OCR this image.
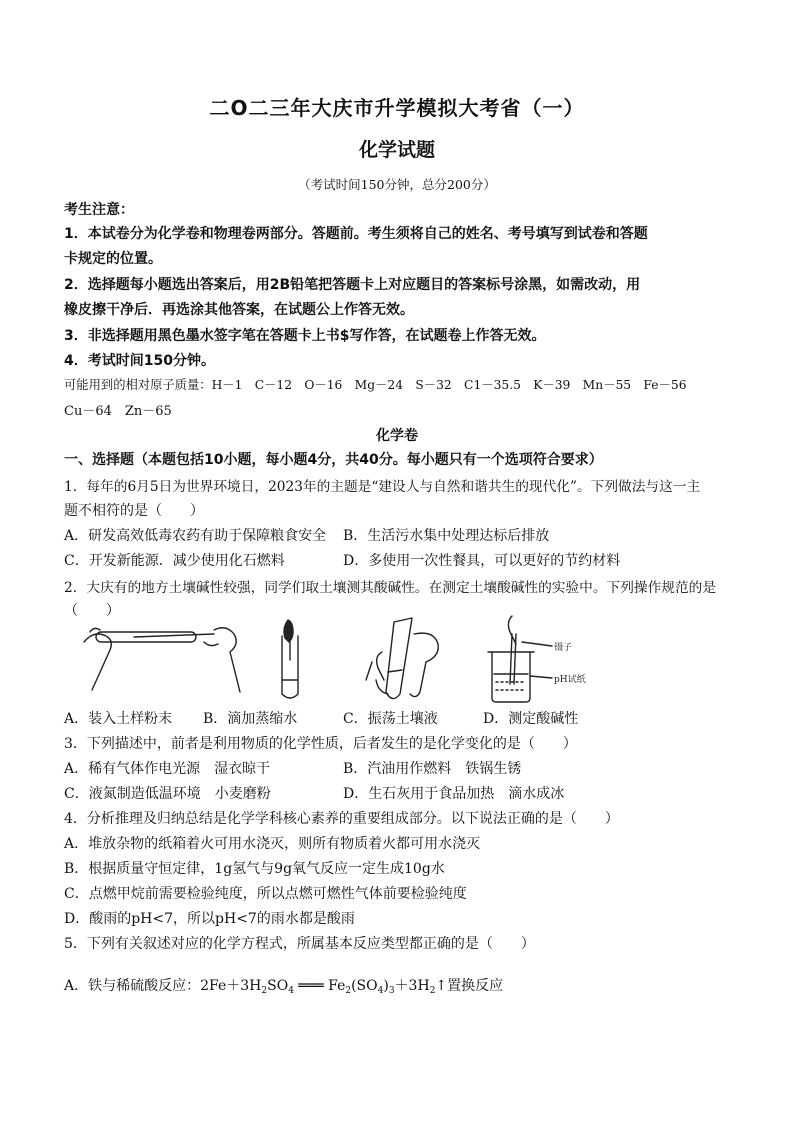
二O二三年大庆市升学模拟大考省（一）
化学试题
（考试时间150分钟，总分200分）
考生注意：
1．本试卷分为化学卷和物理卷两部分。答题前。考生须将自己的姓名、考号填写到试卷和答题
卡规定的位置。
2．选择题每小题选出答案后，用2B铅笔把答题卡上对应题目的答案标号涂黑，如需改动，用
橡皮擦干净后．再选涂其他答案，在试题公上作答无效。
3．非选择题用黑色墨水签字笔在答题卡上书$写作答，在试题卷上作答无效。
4．考试时间150分钟。
可能用到的相对原子质量：H－1　C－12　O－16　Mg－24　S－32　C1－35.5　K－39　Mn－55　Fe－56
Cu－64　Zn－65
化学卷
一、选择题（本题包括10小题，每小题4分，共40分。每小题只有一个选项符合要求）
1．每年的6月5日为世界环境日，2023年的主题是“建设人与自然和谐共生的现代化”。下列做法与这一主
题不相符的是（　　）
A．研发高效低毒农药有助于保障粮食安全 B．生活污水集中处理达标后排放
C．开发新能源．减少使用化石燃料	D．多使用一次性餐具，可以更好的节约材料
2．大庆有的地方土壤碱性较强，同学们取土壤测其酸碱性。在测定土壤酸碱性的实验中。下列操作规范的是
（　　）
镊子
pH试纸
A．装入土样粉末 B．滴加蒸缩水	C．振荡土壤液	D．测定酸碱性
3．下列描述中，前者是利用物质的化学性质，后者发生的是化学变化的是（　　）
A．稀有气体作电光源　湿衣晾干	B．汽油用作燃料　铁锅生锈
C．液氮制造低温环境　小麦磨粉	D．生石灰用于食品加热　滴水成冰
4．分析推理及归纳总结是化学学科核心素养的重要组成部分。以下说法正确的是（　　）
A．堆放杂物的纸箱着火可用水浇灭，则所有物质着火都可用水浇灭
B．根据质量守恒定律，1g氢气与9g氧气反应一定生成10g水
C．点燃甲烷前需要检验纯度，所以点燃可燃性气体前要检验纯度
D．酸雨的pH<7，所以pH<7的雨水都是酸雨
5．下列有关叙述对应的化学方程式，所属基本反应类型都正确的是（　　）
A．铁与稀硫酸反应：$2Fe+3H_2SO_4$ ═══ $Fe_2(SO_4)_3+3H_2↑$置换反应
